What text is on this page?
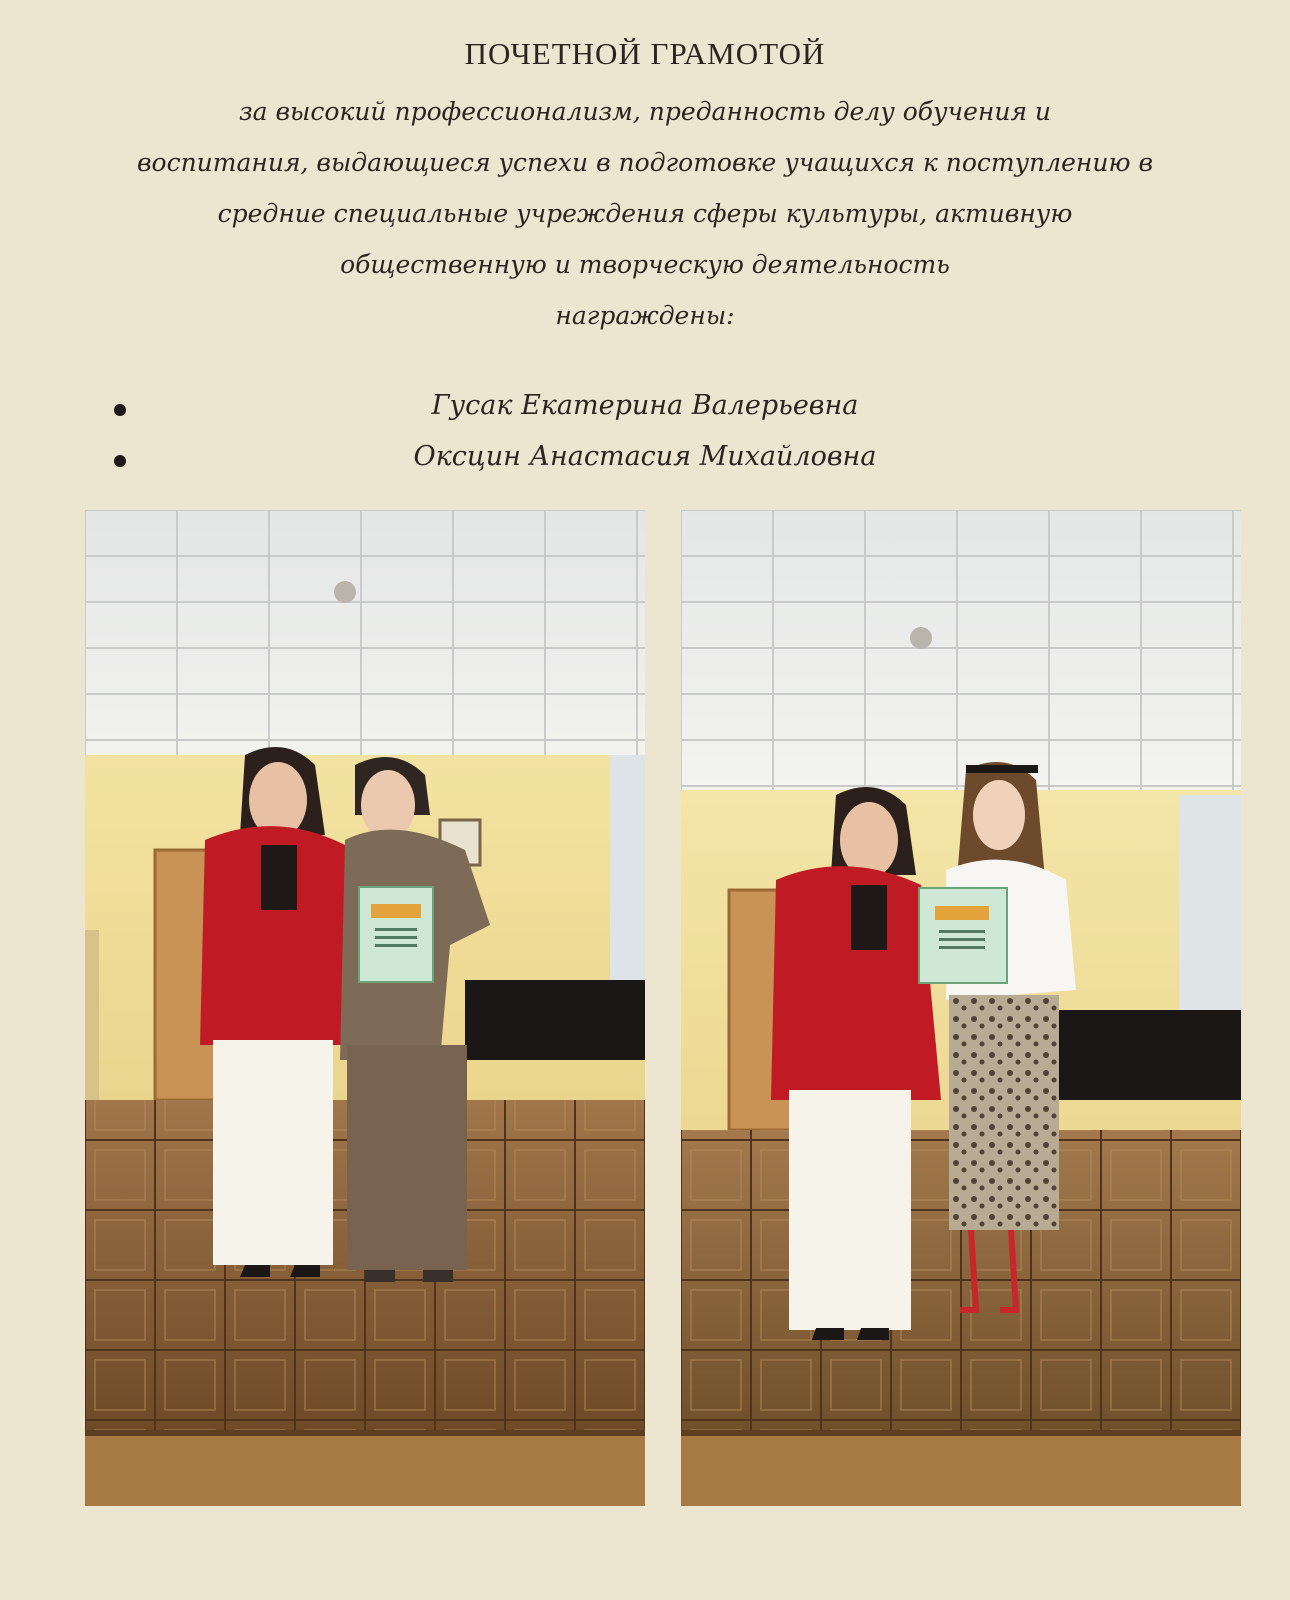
ПОЧЕТНОЙ ГРАМОТОЙ
за высокий профессионализм, преданность делу обучения и
воспитания, выдающиеся успехи в подготовке учащихся к поступлению в
средние специальные учреждения сферы культуры, активную
общественную и творческую деятельность
награждены:
Гусак Екатерина Валерьевна
Оксцин Анастасия Михайловна
